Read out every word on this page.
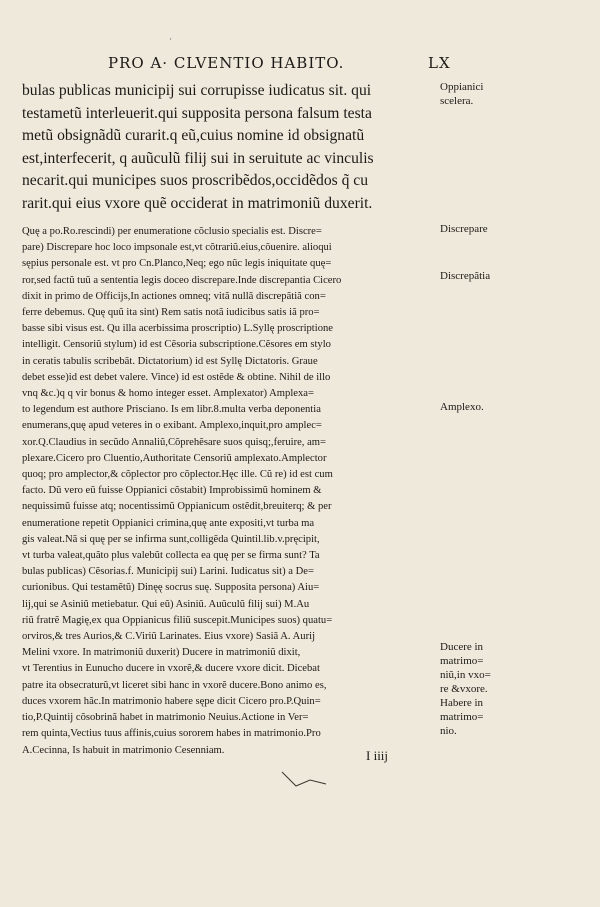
˙
PRO A· CLVENTIO HABITO.	LX
bulas publicas municipij sui corrupisse iudicatus sit. qui
testametũ interleuerit.qui supposita persona falsum testa
metũ obsignãdũ curarit.q eũ,cuius nomine id obsignatũ
est,interfecerit, q auũculũ filij sui in seruitute ac vinculis
necarit.qui municipes suos proscribẽdos,occidẽdos q̃ cu
rarit.qui eius vxore quẽ occiderat in matrimoniũ duxerit.
Quę a po.Ro.rescindi) per enumeratione cõclusio specialis est. Discre=
pare) Discrepare hoc loco impsonale est,vt cõtrariũ.eius,cõuenire. alioqui
sępius personale est. vt pro Cn.Planco,Neq; ego nũc legis iniquitate quę=
ror,sed factũ tuũ a sententia legis doceo discrepare.Inde discrepantia Cicero
dixit in primo de Officijs,In actiones omneq; vitã nullã discrepãtiã con=
ferre debemus. Quę quũ ita sint) Rem satis notã iudicibus satis iã pro=
basse sibi visus est. Qu illa acerbissima proscriptio) L.Syllę proscriptione
intelligit. Censoriũ stylum) id est Cẽsoria subscriptione.Cẽsores em stylo
in ceratis tabulis scribebãt. Dictatorium) id est Syllę Dictatoris. Graue
debet esse)id est debet valere. Vince) id est ostẽde & obtine. Nihil de illo
vnq &c.)q q vir bonus & homo integer esset. Amplexator) Amplexa=
to legendum est authore Prisciano. Is em libr.8.multa verba deponentia
enumerans,quę apud veteres in o exibant. Amplexo,inquit,pro amplec=
xor.Q.Claudius in secũdo Annaliũ,Cõprehẽsare suos quisq;,feruire, am=
plexare.Cicero pro Cluentio,Authoritate Censoriũ amplexato.Amplector
quoq; pro amplector,& cõplector pro cõplector.Hęc ille. Cũ re) id est cum
facto. Dũ vero eũ fuisse Oppianici cõstabit) Improbissimũ hominem &
nequissimũ fuisse atq; nocentissimũ Oppianicum ostẽdit,breuiterq; & per
enumeratione repetit Oppianici crimina,quę ante expositi,vt turba ma
gis valeat.Nã si quę per se infirma sunt,colligẽda Quintil.lib.v.pręcipit,
vt turba valeat,quãto plus valebũt collecta ea quę per se firma sunt? Ta
bulas publicas) Cẽsorias.f. Municipij sui) Larini. Iudicatus sit) a De=
curionibus. Qui testamẽtũ) Dinęę socrus suę. Supposita persona) Aiu=
lij,qui se Asiniũ metiebatur. Qui eũ) Asiniũ. Auũculũ filij sui) M.Au
riũ fratrẽ Magię,ex qua Oppianicus filiũ suscepit.Municipes suos) quatu=
orviros,& tres Aurios,& C.Viriũ Larinates. Eius vxore) Sasiã A. Aurij
Melini vxore. In matrimoniũ duxerit) Ducere in matrimoniũ dixit,
vt Terentius in Eunucho ducere in vxorẽ,& ducere vxore dicit. Dicebat
patre ita obsecraturũ,vt liceret sibi hanc in vxorẽ ducere.Bono animo es,
duces vxorem hãc.In matrimonio habere sępe dicit Cicero pro.P.Quin=
tio,P.Quintij cõsobrinã habet in matrimonio Neuius.Actione in Ver=
rem quinta,Vectius tuus affinis,cuius sororem habes in matrimonio.Pro
A.Cecinna, Is habuit in matrimonio Cesenniam.
Oppianici
scelera.
Discrepare
Discrepãtia
Amplexo.
Ducere in
matrimo=
niũ,in vxo=
re &vxore.
Habere in
matrimo=
nio.
I iiij
